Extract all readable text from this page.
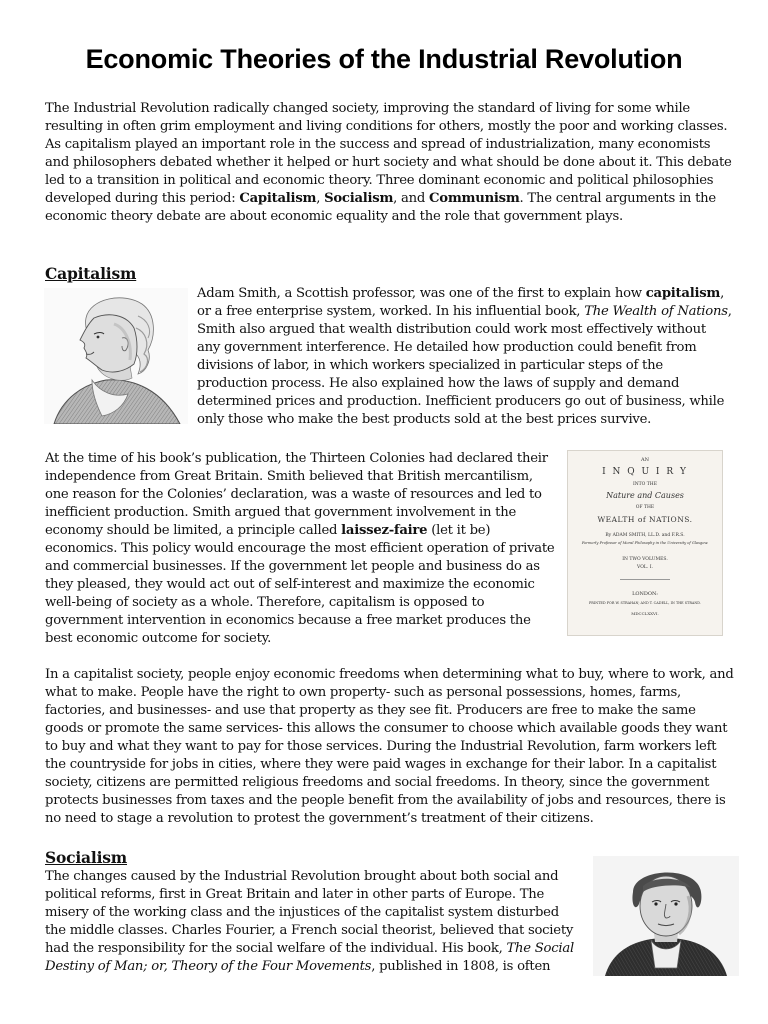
Economic Theories of the Industrial Revolution

The Industrial Revolution radically changed society, improving the standard of living for some while resulting in often grim employment and living conditions for others, mostly the poor and working classes. As capitalism played an important role in the success and spread of industrialization, many economists and philosophers debated whether it helped or hurt society and what should be done about it. This debate led to a transition in political and economic theory. Three dominant economic and political philosophies developed during this period: Capitalism, Socialism, and Communism. The central arguments in the economic theory debate are about economic equality and the role that government plays.

Capitalism

Adam Smith, a Scottish professor, was one of the first to explain how capitalism, or a free enterprise system, worked. In his influential book, The Wealth of Nations, Smith also argued that wealth distribution could work most effectively without any government interference. He detailed how production could benefit from divisions of labor, in which workers specialized in particular steps of the production process. He also explained how the laws of supply and demand determined prices and production. Inefficient producers go out of business, while only those who make the best products sold at the best prices survive.

At the time of his book’s publication, the Thirteen Colonies had declared their independence from Great Britain. Smith believed that British mercantilism, one reason for the Colonies’ declaration, was a waste of resources and led to inefficient production. Smith argued that government involvement in the economy should be limited, a principle called laissez-faire (let it be) economics. This policy would encourage the most efficient operation of private and commercial businesses. If the government let people and business do as they pleased, they would act out of self-interest and maximize the economic well-being of society as a whole. Therefore, capitalism is opposed to government intervention in economics because a free market produces the best economic outcome for society.

AN
I N Q U I R Y
INTO THE
Nature and Causes
OF THE
WEALTH of NATIONS.
By ADAM SMITH, LL.D. and F.R.S.
Formerly Professor of Moral Philosophy in the University of Glasgow.
IN TWO VOLUMES.
VOL. I.
LONDON:
PRINTED FOR W. STRAHAN; AND T. CADELL, IN THE STRAND.
MDCCLXXVI.

In a capitalist society, people enjoy economic freedoms when determining what to buy, where to work, and what to make. People have the right to own property- such as personal possessions, homes, farms, factories, and businesses- and use that property as they see fit. Producers are free to make the same goods or promote the same services- this allows the consumer to choose which available goods they want to buy and what they want to pay for those services. During the Industrial Revolution, farm workers left the countryside for jobs in cities, where they were paid wages in exchange for their labor. In a capitalist society, citizens are permitted religious freedoms and social freedoms. In theory, since the government protects businesses from taxes and the people benefit from the availability of jobs and resources, there is no need to stage a revolution to protest the government’s treatment of their citizens.

Socialism

The changes caused by the Industrial Revolution brought about both social and political reforms, first in Great Britain and later in other parts of Europe. The misery of the working class and the injustices of the capitalist system disturbed the middle classes. Charles Fourier, a French social theorist, believed that society had the responsibility for the social welfare of the individual. His book, The Social Destiny of Man; or, Theory of the Four Movements, published in 1808, is often
